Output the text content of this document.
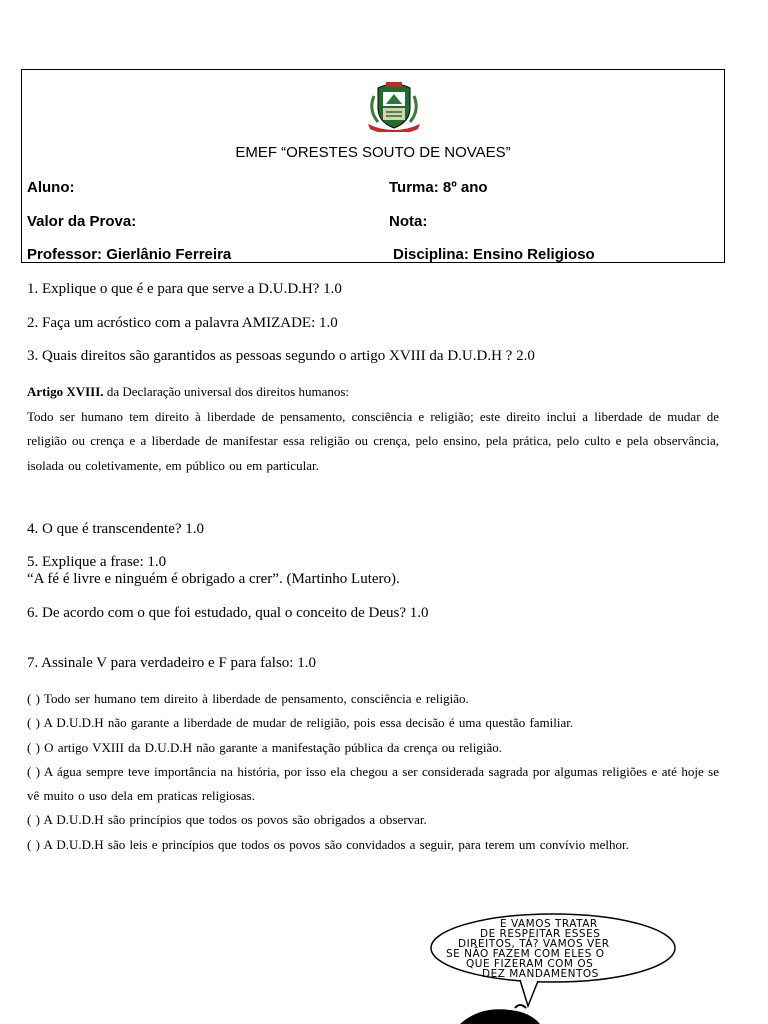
EMEF “ORESTES SOUTO DE NOVAES”
Aluno:	Turma: 8º ano
Valor da Prova:	Nota:
Professor: Gierlânio Ferreira	Disciplina: Ensino Religioso
1. Explique o que é e para que serve a D.U.D.H? 1.0
2. Faça um acróstico com a palavra AMIZADE: 1.0
3. Quais direitos são garantidos as pessoas segundo o artigo XVIII da D.U.D.H ? 2.0
Artigo XVIII. da Declaração universal dos direitos humanos:
Todo ser humano tem direito à liberdade de pensamento, consciência e religião; este direito inclui a liberdade de mudar de religião ou crença e a liberdade de manifestar essa religião ou crença, pelo ensino, pela prática, pelo culto e pela observância, isolada ou coletivamente, em público ou em particular.
4. O que é transcendente? 1.0
5. Explique a frase: 1.0
“A fé é livre e ninguém é obrigado a crer”. (Martinho Lutero).
6. De acordo com o que foi estudado, qual o conceito de Deus? 1.0
7. Assinale V para verdadeiro e F para falso: 1.0
( ) Todo ser humano tem direito à liberdade de pensamento, consciência e religião.
( ) A D.U.D.H não garante a liberdade de mudar de religião, pois essa decisão é uma questão familiar.
( ) O artigo VXIII da D.U.D.H não garante a manifestação pública da crença ou religião.
( ) A água sempre teve importância na história, por isso ela chegou a ser considerada sagrada por algumas religiões e até hoje se vê muito o uso dela em praticas religiosas.
( ) A D.U.D.H são princípios que todos os povos são obrigados a observar.
( ) A D.U.D.H são leis e princípios que todos os povos são convidados a seguir, para terem um convívio melhor.
E VAMOS TRATAR
DE RESPEITAR ESSES
DIREITOS, TÁ? VAMOS VER
SE NÃO FAZEM COM ELES O
QUE FIZERAM COM OS
DEZ MANDAMENTOS
